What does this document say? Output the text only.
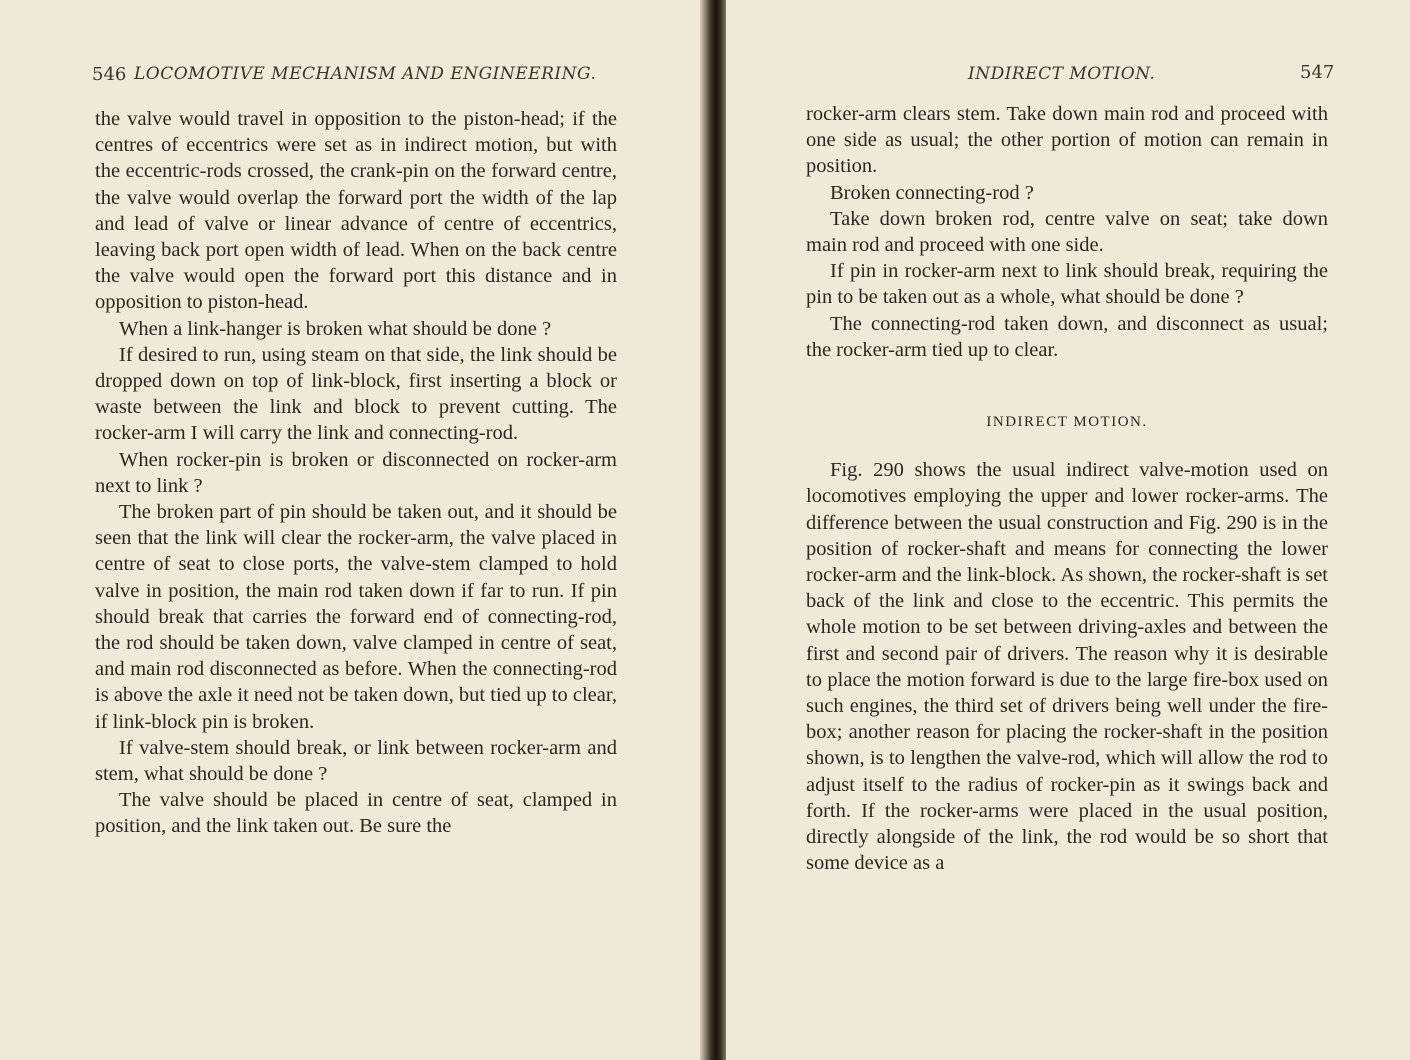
546 LOCOMOTIVE MECHANISM AND ENGINEERING.

the valve would travel in opposition to the piston-head; if the centres of eccentrics were set as in indirect motion, but with the eccentric-rods crossed, the crank-pin on the forward centre, the valve would overlap the forward port the width of the lap and lead of valve or linear advance of centre of eccentrics, leaving back port open width of lead. When on the back centre the valve would open the forward port this distance and in opposition to piston-head.

When a link-hanger is broken what should be done ?

If desired to run, using steam on that side, the link should be dropped down on top of link-block, first inserting a block or waste between the link and block to prevent cutting. The rocker-arm I will carry the link and connecting-rod.

When rocker-pin is broken or disconnected on rocker-arm next to link ?

The broken part of pin should be taken out, and it should be seen that the link will clear the rocker-arm, the valve placed in centre of seat to close ports, the valve-stem clamped to hold valve in position, the main rod taken down if far to run. If pin should break that carries the forward end of connecting-rod, the rod should be taken down, valve clamped in centre of seat, and main rod disconnected as before. When the connecting-rod is above the axle it need not be taken down, but tied up to clear, if link-block pin is broken.

If valve-stem should break, or link between rocker-arm and stem, what should be done ?

The valve should be placed in centre of seat, clamped in position, and the link taken out. Be sure the

INDIRECT MOTION.	547

rocker-arm clears stem. Take down main rod and proceed with one side as usual; the other portion of motion can remain in position.

Broken connecting-rod ?

Take down broken rod, centre valve on seat; take down main rod and proceed with one side.

If pin in rocker-arm next to link should break, requiring the pin to be taken out as a whole, what should be done ?

The connecting-rod taken down, and disconnect as usual; the rocker-arm tied up to clear.

INDIRECT MOTION.

Fig. 290 shows the usual indirect valve-motion used on locomotives employing the upper and lower rocker-arms. The difference between the usual construction and Fig. 290 is in the position of rocker-shaft and means for connecting the lower rocker-arm and the link-block. As shown, the rocker-shaft is set back of the link and close to the eccentric. This permits the whole motion to be set between driving-axles and between the first and second pair of drivers. The reason why it is desirable to place the motion forward is due to the large fire-box used on such engines, the third set of drivers being well under the fire-box; another reason for placing the rocker-shaft in the position shown, is to lengthen the valve-rod, which will allow the rod to adjust itself to the radius of rocker-pin as it swings back and forth. If the rocker-arms were placed in the usual position, directly alongside of the link, the rod would be so short that some device as a
